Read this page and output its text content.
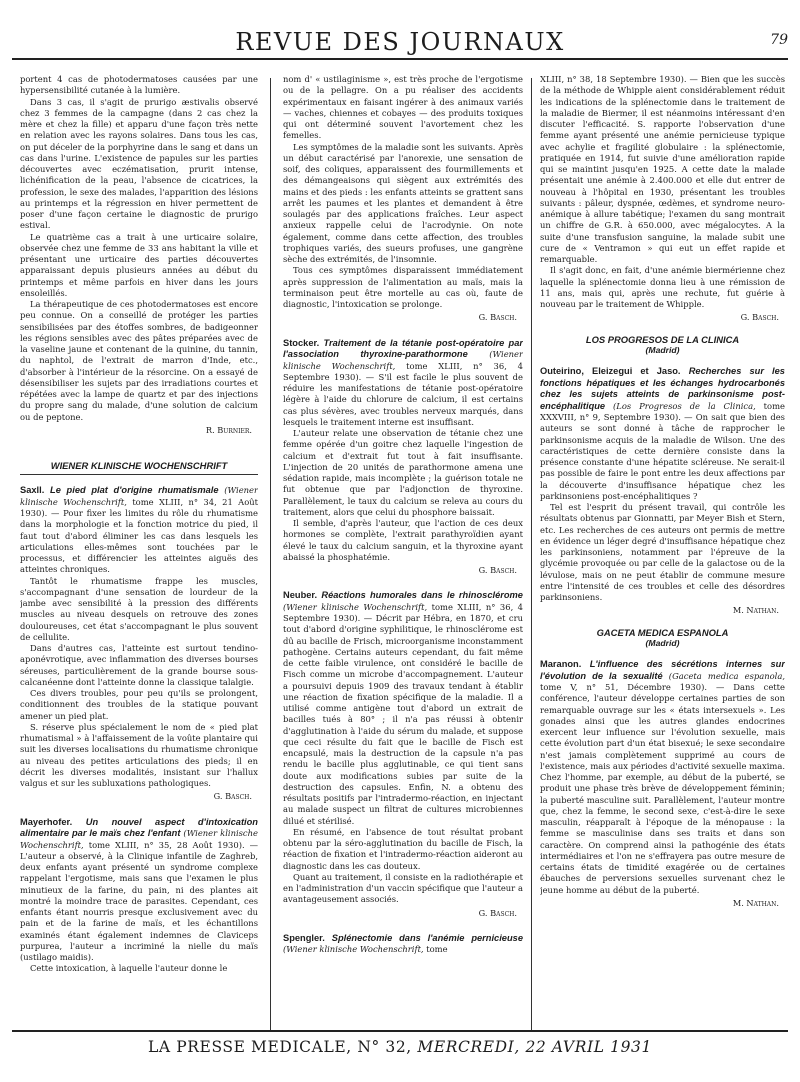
REVUE DES JOURNAUX	79

portent 4 cas de photodermatoses causées par une hypersensibilité cutanée à la lumière.

Dans 3 cas, il s'agit de prurigo æstivalis observé chez 3 femmes de la campagne (dans 2 cas chez la mère et chez la fille) et apparu d'une façon très nette en relation avec les rayons solaires. Dans tous les cas, on put déceler de la porphyrine dans le sang et dans un cas dans l'urine. L'existence de papules sur les parties découvertes avec eczématisation, prurit intense, lichénification de la peau, l'absence de cicatrices, la profession, le sexe des malades, l'apparition des lésions au printemps et la régression en hiver permettent de poser d'une façon certaine le diagnostic de prurigo estival.

Le quatrième cas a trait à une urticaire solaire, observée chez une femme de 33 ans habitant la ville et présentant une urticaire des parties découvertes apparaissant depuis plusieurs années au début du printemps et même parfois en hiver dans les jours ensoleillés.

La thérapeutique de ces photodermatoses est encore peu connue. On a conseillé de protéger les parties sensibilisées par des étoffes sombres, de badigeonner les régions sensibles avec des pâtes préparées avec de la vaseline jaune et contenant de la quinine, du tannin, du naphtol, de l'extrait de marron d'Inde, etc., d'absorber à l'intérieur de la résorcine. On a essayé de désensibiliser les sujets par des irradiations courtes et répétées avec la lampe de quartz et par des injections du propre sang du malade, d'une solution de calcium ou de peptone.

R. Burnier.
WIENER KLINISCHE WOCHENSCHRIFT
Saxll. Le pied plat d'origine rhumatismale (Wiener klinische Wochenschrift, tome XLIII, n° 34, 21 Août 1930). — Pour fixer les limites du rôle du rhumatisme dans la morphologie et la fonction motrice du pied, il faut tout d'abord éliminer les cas dans lesquels les articulations elles-mêmes sont touchées par le processus, et différencier les atteintes aiguës des atteintes chroniques.

Tantôt le rhumatisme frappe les muscles, s'accompagnant d'une sensation de lourdeur de la jambe avec sensibilité à la pression des différents muscles au niveau desquels on retrouve des zones douloureuses, cet état s'accompagnant le plus souvent de cellulite.

Dans d'autres cas, l'atteinte est surtout tendino-aponévrotique, avec inflammation des diverses bourses séreuses, particulièrement de la grande bourse sous-calcanéenne dont l'atteinte donne la classique talalgie.

Ces divers troubles, pour peu qu'ils se prolongent, conditionnent des troubles de la statique pouvant amener un pied plat.

S. réserve plus spécialement le nom de « pied plat rhumatismal » à l'affaissement de la voûte plantaire qui suit les diverses localisations du rhumatisme chronique au niveau des petites articulations des pieds; il en décrit les diverses modalités, insistant sur l'hallux valgus et sur les subluxations pathologiques.

G. Basch.
Mayerhofer. Un nouvel aspect d'intoxication alimentaire par le maïs chez l'enfant (Wiener klinische Wochenschrift, tome XLIII, n° 35, 28 Août 1930). — L'auteur a observé, à la Clinique infantile de Zaghreb, deux enfants ayant présenté un syndrome complexe rappelant l'ergotisme, mais sans que l'examen le plus minutieux de la farine, du pain, ni des plantes ait montré la moindre trace de parasites. Cependant, ces enfants étant nourris presque exclusivement avec du pain et de la farine de maïs, et les échantillons examinés étant également indemnes de Claviceps purpurea, l'auteur a incriminé la nielle du maïs (ustilago maidis).

Cette intoxication, à laquelle l'auteur donne le

nom d' « ustilaginisme », est très proche de l'ergotisme ou de la pellagre. On a pu réaliser des accidents expérimentaux en faisant ingérer à des animaux variés — vaches, chiennes et cobayes — des produits toxiques qui ont déterminé souvent l'avortement chez les femelles.

Les symptômes de la maladie sont les suivants. Après un début caractérisé par l'anorexie, une sensation de soif, des coliques, apparaissent des fourmillements et des démangeaisons qui siègent aux extrémités des mains et des pieds : les enfants atteints se grattent sans arrêt les paumes et les plantes et demandent à être soulagés par des applications fraîches. Leur aspect anxieux rappelle celui de l'acrodynie. On note également, comme dans cette affection, des troubles trophiques variés, des sueurs profuses, une gangrène sèche des extrémités, de l'insomnie.

Tous ces symptômes disparaissent immédiatement après suppression de l'alimentation au maïs, mais la terminaison peut être mortelle au cas où, faute de diagnostic, l'intoxication se prolonge.

G. Basch.
Stocker. Traitement de la tétanie post-opératoire par l'association thyroxine-parathormone	(Wiener klinische Wochenschrift, tome XLIII, n° 36, 4 Septembre 1930). — S'il est facile le plus souvent de réduire les manifestations de tétanie post-opératoire légère à l'aide du chlorure de calcium, il est certains cas plus sévères, avec troubles nerveux marqués, dans lesquels le traitement interne est insuffisant.

L'auteur relate une observation de tétanie chez une femme opérée d'un goitre chez laquelle l'ingestion de calcium et d'extrait fut tout à fait insuffisante. L'injection de 20 unités de parathormone amena une sédation rapide, mais incomplète ; la guérison totale ne fut obtenue que par l'adjonction de thyroxine. Parallèlement, le taux du calcium se releva au cours du traitement, alors que celui du phosphore baissait.

Il semble, d'après l'auteur, que l'action de ces deux hormones se complète, l'extrait parathyroïdien ayant élevé le taux du calcium sanguin, et la thyroxine ayant abaissé la phosphatémie.

G. Basch.
Neuber. Réactions humorales dans le rhinosclérome (Wiener klinische Wochenschrift, tome XLIII, n° 36, 4 Septembre 1930). — Décrit par Hébra, en 1870, et cru tout d'abord d'origine syphilitique, le rhinosclérome est dû au bacille de Frisch, microorganisme inconstamment pathogène. Certains auteurs cependant, du fait même de cette faible virulence, ont considéré le bacille de Fisch comme un microbe d'accompagnement. L'auteur a poursuivi depuis 1909 des travaux tendant à établir une réaction de fixation spécifique de la maladie. Il a utilisé comme antigène tout d'abord un extrait de bacilles tués à 80° ; il n'a pas réussi à obtenir d'agglutination à l'aide du sérum du malade, et suppose que ceci résulte du fait que le bacille de Fisch est encapsulé, mais la destruction de la capsule n'a pas rendu le bacille plus agglutinable, ce qui tient sans doute aux modifications subies par suite de la destruction des capsules. Enfin, N. a obtenu des résultats positifs par l'intradermo-réaction, en injectant au malade suspect un filtrat de cultures microbiennes dilué et stérilisé.

En résumé, en l'absence de tout résultat probant obtenu par la séro-agglutination du bacille de Fisch, la réaction de fixation et l'intradermo-réaction aideront au diagnostic dans les cas douteux.

Quant au traitement, il consiste en la radiothérapie et en l'administration d'un vaccin spécifique que l'auteur a avantageusement associés.

G. Basch.
Spengler. Splénectomie dans l'anémie pernicieuse (Wiener klinische Wochenschrift, tome

XLIII, n° 38, 18 Septembre 1930). — Bien que les succès de la méthode de Whipple aient considérablement réduit les indications de la splénectomie dans le traitement de la maladie de Biermer, il est néanmoins intéressant d'en discuter l'efficacité. S. rapporte l'observation d'une femme ayant présenté une anémie pernicieuse typique avec achylie et fragilité globulaire : la splénectomie, pratiquée en 1914, fut suivie d'une amélioration rapide qui se maintint jusqu'en 1925. A cette date la malade présentait une anémie à 2.400.000 et elle dut entrer de nouveau à l'hôpital en 1930, présentant les troubles suivants : pâleur, dyspnée, œdèmes, et syndrome neuro-anémique à allure tabétique; l'examen du sang montrait un chiffre de G.R. à 650.000, avec mégalocytes. A la suite d'une transfusion sanguine, la malade subit une cure de « Ventramon » qui eut un effet rapide et remarquable.

Il s'agit donc, en fait, d'une anémie biermérienne chez laquelle la splénectomie donna lieu à une rémission de 11 ans, mais qui, après une rechute, fut guérie à nouveau par le traitement de Whipple.

G. Basch.
LOS PROGRESOS DE LA CLINICA
(Madrid)
Outeirino, Eleizegui et Jaso. Recherches sur les fonctions hépatiques et les échanges hydrocarbonés chez les sujets atteints de parkinsonisme post-encéphalitique (Los Progresos de la Clinica, tome XXXVIII, n° 9, Septembre 1930). — On sait que bien des auteurs se sont donné à tâche de rapprocher le parkinsonisme acquis de la maladie de Wilson. Une des caractéristiques de cette dernière consiste dans la présence constante d'une hépatite scléreuse. Ne serait-il pas possible de faire le pont entre les deux affections par la découverte d'insuffisance hépatique chez les parkinsoniens post-encéphalitiques ?

Tel est l'esprit du présent travail, qui contrôle les résultats obtenus par Gionnatti, par Meyer Bish et Stern, etc. Les recherches de ces auteurs ont permis de mettre en évidence un léger degré d'insuffisance hépatique chez les parkinsoniens, notamment par l'épreuve de la glycémie provoquée ou par celle de la galactose ou de la lévulose, mais on ne peut établir de commune mesure entre l'intensité de ces troubles et celle des désordres parkinsoniens.

M. Nathan.
GACETA MEDICA ESPANOLA
(Madrid)
Maranon. L'influence des sécrétions internes sur l'évolution de la sexualité (Gaceta medica espanola, tome V, n° 51, Décembre 1930). — Dans cette conférence, l'auteur développe certaines parties de son remarquable ouvrage sur les « états intersexuels ». Les gonades ainsi que les autres glandes endocrines exercent leur influence sur l'évolution sexuelle, mais cette évolution part d'un état bisexué; le sexe secondaire n'est jamais complètement supprimé au cours de l'existence, mais aux périodes d'activité sexuelle maxima. Chez l'homme, par exemple, au début de la puberté, se produit une phase très brève de développement féminin; la puberté masculine suit. Parallèlement, l'auteur montre que, chez la femme, le second sexe, c'est-à-dire le sexe masculin, réapparaît à l'époque de la ménopause : la femme se masculinise dans ses traits et dans son caractère. On comprend ainsi la pathogénie des états intermédiaires et l'on ne s'effrayera pas outre mesure de certains états de timidité exagérée ou de certaines ébauches de perversions sexuelles survenant chez le jeune homme au début de la puberté.
M. Nathan.
LA PRESSE MEDICALE, N° 32, MERCREDI, 22 AVRIL 1931
